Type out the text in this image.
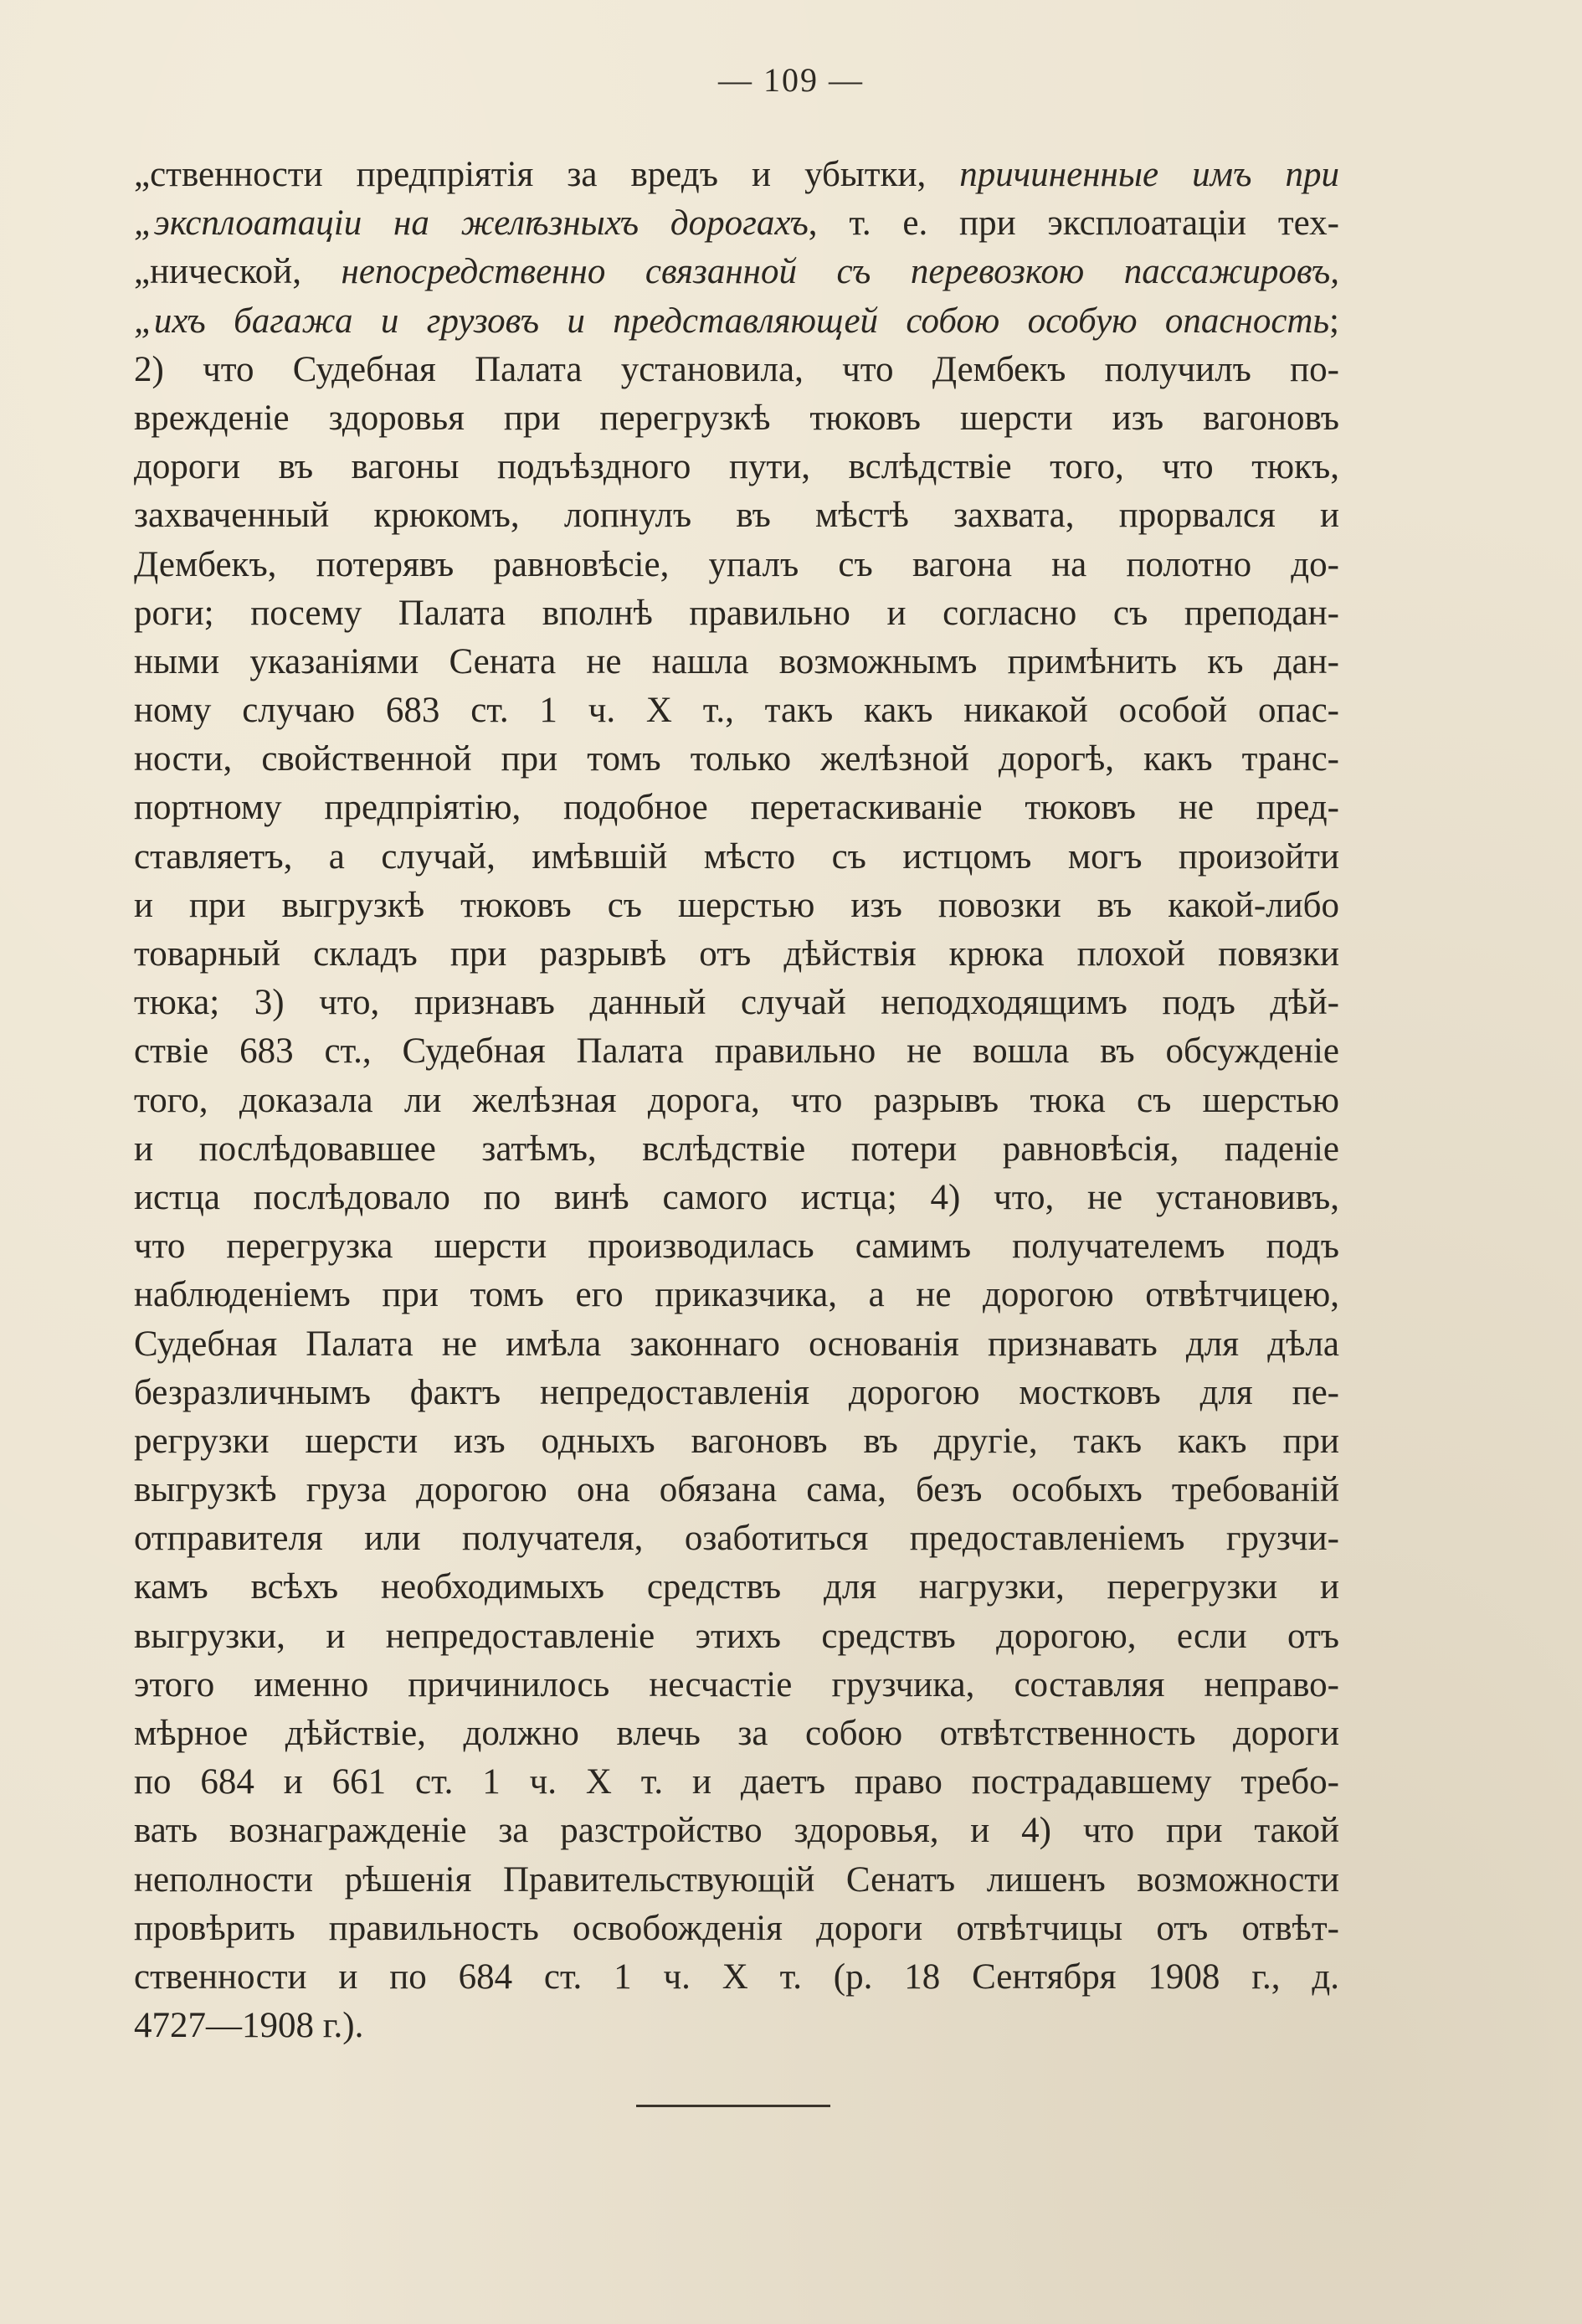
— 109 —
„ственности предпріятія за вредъ и убытки, причиненные имъ при
„эксплоатаціи на желѣзныхъ дорогахъ, т. е. при эксплоатаціи тех-
„нической, непосредственно связанной съ перевозкою пассажировъ,
„ихъ багажа и грузовъ и представляющей собою особую опасность;
2) что Судебная Палата установила, что Дембекъ получилъ по-
врежденіе здоровья при перегрузкѣ тюковъ шерсти изъ вагоновъ
дороги въ вагоны подъѣздного пути, вслѣдствіе того, что тюкъ,
захваченный крюкомъ, лопнулъ въ мѣстѣ захвата, прорвался и
Дембекъ, потерявъ равновѣсіе, упалъ съ вагона на полотно до-
роги; посему Палата вполнѣ правильно и согласно съ преподан-
ными указаніями Сената не нашла возможнымъ примѣнить къ дан-
ному случаю 683 ст. 1 ч. X т., такъ какъ никакой особой опас-
ности, свойственной при томъ только желѣзной дорогѣ, какъ транс-
портному предпріятію, подобное перетаскиваніе тюковъ не пред-
ставляетъ, а случай, имѣвшій мѣсто съ истцомъ могъ произойти
и при выгрузкѣ тюковъ съ шерстью изъ повозки въ какой-либо
товарный складъ при разрывѣ отъ дѣйствія крюка плохой повязки
тюка; 3) что, признавъ данный случай неподходящимъ подъ дѣй-
ствіе 683 ст., Судебная Палата правильно не вошла въ обсужденіе
того, доказала ли желѣзная дорога, что разрывъ тюка съ шерстью
и послѣдовавшее затѣмъ, вслѣдствіе потери равновѣсія, паденіе
истца послѣдовало по винѣ самого истца; 4) что, не установивъ,
что перегрузка шерсти производилась самимъ получателемъ подъ
наблюденіемъ при томъ его приказчика, а не дорогою отвѣтчицею,
Судебная Палата не имѣла законнаго основанія признавать для дѣла
безразличнымъ фактъ непредоставленія дорогою мостковъ для пе-
регрузки шерсти изъ одныхъ вагоновъ въ другіе, такъ какъ при
выгрузкѣ груза дорогою она обязана сама, безъ особыхъ требованій
отправителя или получателя, озаботиться предоставленіемъ грузчи-
камъ всѣхъ необходимыхъ средствъ для нагрузки, перегрузки и
выгрузки, и непредоставленіе этихъ средствъ дорогою, если отъ
этого именно причинилось несчастіе грузчика, составляя неправо-
мѣрное дѣйствіе, должно влечь за собою отвѣтственность дороги
по 684 и 661 ст. 1 ч. X т. и даетъ право пострадавшему требо-
вать вознагражденіе за разстройство здоровья, и 4) что при такой
неполности рѣшенія Правительствующій Сенатъ лишенъ возможности
провѣрить правильность освобожденія дороги отвѣтчицы отъ отвѣт-
ственности и по 684 ст. 1 ч. X т. (р. 18 Сентября 1908 г., д.
4727—1908 г.).
